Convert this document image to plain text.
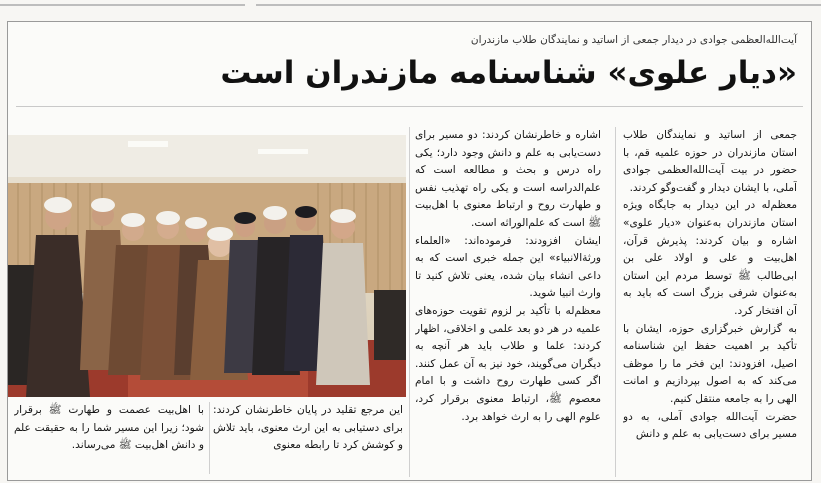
آیت‌الله‌العظمی جوادی در دیدار جمعی از اساتید و نمایندگان طلاب مازندران
«دیار علوی» شناسنامه مازندران است

جمعی از اساتید و نمایندگان طلاب استان مازندران در حوزه علمیه قم، با حضور در بیت آیت‌الله‌العظمی جوادی آملی، با ایشان دیدار و گفت‌وگو کردند.

معظم‌له در این دیدار به جایگاه ویژه استان مازندران به‌عنوان «دیار علوی» اشاره و بیان کردند: پذیرش قرآن، اهل‌بیت و علی و اولاد علی بن ابی‌طالب ﷺ توسط مردم این استان به‌عنوان شرفی بزرگ است که باید به آن افتخار کرد.

به گزارش خبرگزاری حوزه، ایشان با تأکید بر اهمیت حفظ این شناسنامه اصیل، افزودند: این فخر ما را موظف می‌کند که به اصول بپردازیم و امانت الهی را به جامعه منتقل کنیم.

حضرت آیت‌الله جوادی آملی، به دو مسیر برای دست‌یابی به علم و دانش

اشاره و خاطرنشان کردند: دو مسیر برای دست‌یابی به علم و دانش وجود دارد؛ یکی راه درس و بحث و مطالعه است که علم‌الدراسه است و یکی راه تهذیب نفس و طهارت روح و ارتباط معنوی با اهل‌بیت ﷺ است که علم‌الوراثه است.

ایشان افزودند: فرموده‌اند: «العلماء ورثة‌الانبیاء» این جمله خبری است که به داعی انشاء بیان شده، یعنی تلاش کنید تا وارث انبیا شوید.

معظم‌له با تأکید بر لزوم تقویت حوزه‌های علمیه در هر دو بعد علمی و اخلاقی، اظهار کردند: علما و طلاب باید هر آنچه به دیگران می‌گویند، خود نیز به آن عمل کنند. اگر کسی طهارت روح داشت و با امام معصوم ﷺ، ارتباط معنوی برقرار کرد، علوم الهی را به ارث خواهد برد.

این مرجع تقلید در پایان خاطرنشان کردند: برای دستیابی به این ارث معنوی، باید تلاش و کوشش کرد تا رابطه معنوی

با اهل‌بیت عصمت و طهارت ﷺ برقرار شود؛ زیرا این مسیر شما را به حقیقت علم و دانش اهل‌بیت ﷺ می‌رساند.
